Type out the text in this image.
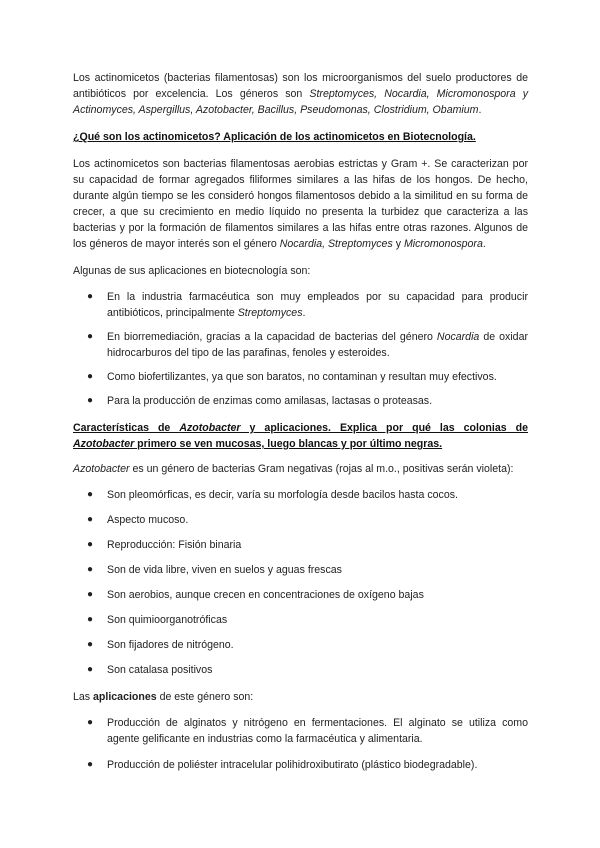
Los actinomicetos (bacterias filamentosas) son los microorganismos del suelo productores de antibióticos por excelencia. Los géneros son Streptomyces, Nocardia, Micromonospora y Actinomyces, Aspergillus, Azotobacter, Bacillus, Pseudomonas, Clostridium, Obamium.

¿Qué son los actinomicetos? Aplicación de los actinomicetos en Biotecnología.

Los actinomicetos son bacterias filamentosas aerobias estrictas y Gram +. Se caracterizan por su capacidad de formar agregados filiformes similares a las hifas de los hongos. De hecho, durante algún tiempo se les consideró hongos filamentosos debido a la similitud en su forma de crecer, a que su crecimiento en medio líquido no presenta la turbidez que caracteriza a las bacterias y por la formación de filamentos similares a las hifas entre otras razones. Algunos de los géneros de mayor interés son el género Nocardia, Streptomyces y Micromonospora.

Algunas de sus aplicaciones en biotecnología son:

● En la industria farmacéutica son muy empleados por su capacidad para producir antibióticos, principalmente Streptomyces.
● En biorremediación, gracias a la capacidad de bacterias del género Nocardia de oxidar hidrocarburos del tipo de las parafinas, fenoles y esteroides.
● Como biofertilizantes, ya que son baratos, no contaminan y resultan muy efectivos.
● Para la producción de enzimas como amilasas, lactasas o proteasas.

Características de Azotobacter y aplicaciones. Explica por qué las colonias de Azotobacter primero se ven mucosas, luego blancas y por último negras.

Azotobacter es un género de bacterias Gram negativas (rojas al m.o., positivas serán violeta):

● Son pleomórficas, es decir, varía su morfología desde bacilos hasta cocos.
● Aspecto mucoso.
● Reproducción: Fisión binaria
● Son de vida libre, viven en suelos y aguas frescas
● Son aerobios, aunque crecen en concentraciones de oxígeno bajas
● Son quimioorganotróficas
● Son fijadores de nitrógeno.
● Son catalasa positivos

Las aplicaciones de este género son:

● Producción de alginatos y nitrógeno en fermentaciones. El alginato se utiliza como agente gelificante en industrias como la farmacéutica y alimentaria.
● Producción de poliéster intracelular polihidroxibutirato (plástico biodegradable).
